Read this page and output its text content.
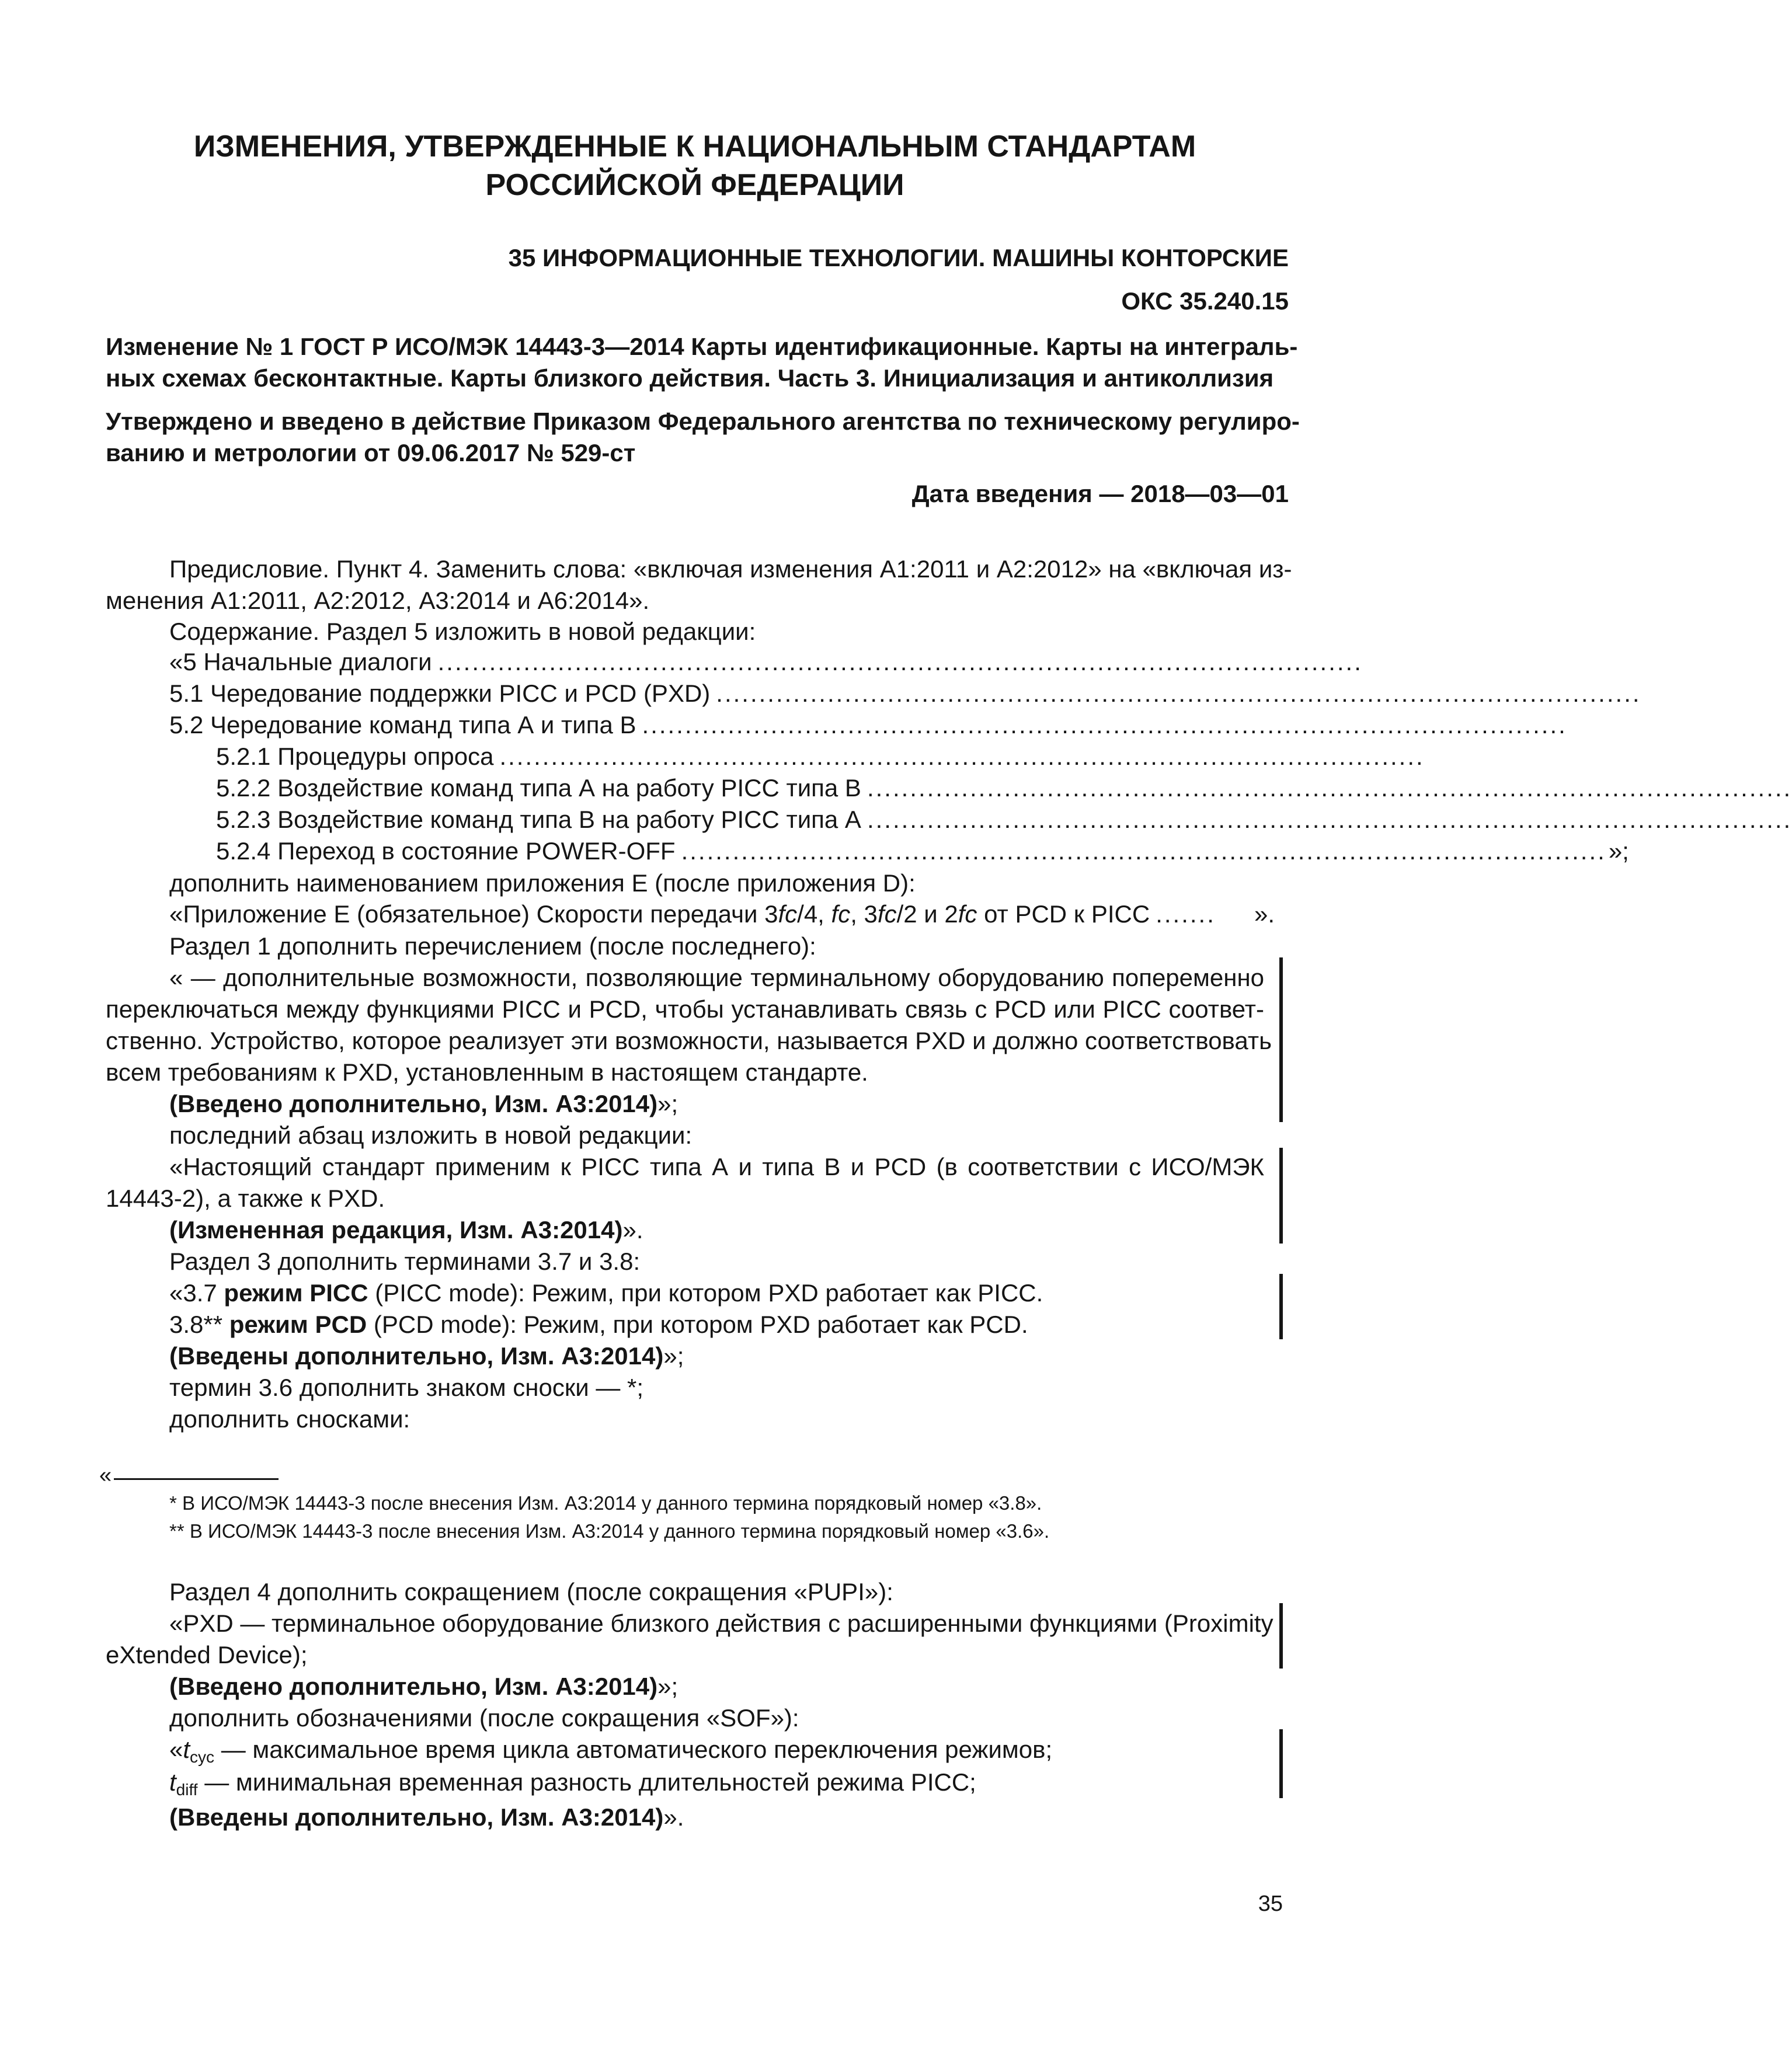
ИЗМЕНЕНИЯ, УТВЕРЖДЕННЫЕ К НАЦИОНАЛЬНЫМ СТАНДАРТАМ
РОССИЙСКОЙ ФЕДЕРАЦИИ
35 ИНФОРМАЦИОННЫЕ ТЕХНОЛОГИИ. МАШИНЫ КОНТОРСКИЕ
ОКС 35.240.15
Изменение № 1 ГОСТ Р ИСО/МЭК 14443-3—2014 Карты идентификационные. Карты на интеграль-
ных схемах бесконтактные. Карты близкого действия. Часть 3. Инициализация и антиколлизия
Утверждено и введено в действие Приказом Федерального агентства по техническому регулиро-
ванию и метрологии от 09.06.2017 № 529-ст
Дата введения — 2018—03—01
Предисловие. Пункт 4. Заменить слова: «включая изменения А1:2011 и А2:2012» на «включая из-
менения А1:2011, А2:2012, А3:2014 и А6:2014».
Содержание. Раздел 5 изложить в новой редакции:
«5 Начальные диалоги ............................................................................................................
5.1 Чередование поддержки PICC и PCD (PXD) ............................................................................................................
5.2 Чередование команд типа А и типа В ............................................................................................................
5.2.1 Процедуры опроса ............................................................................................................
5.2.2 Воздействие команд типа А на работу PICC типа В ............................................................................................................
5.2.3 Воздействие команд типа В на работу PICC типа А ............................................................................................................
5.2.4 Переход в состояние POWER-OFF ............................................................................................................ »;
дополнить наименованием приложения Е (после приложения D):
«Приложение Е (обязательное) Скорости передачи 3fc/4, fc, 3fc/2 и 2fc от PCD к PICC .......	».
Раздел 1 дополнить перечислением (после последнего):
« — дополнительные возможности, позволяющие терминальному оборудованию попеременно
переключаться между функциями PICC и PCD, чтобы устанавливать связь с PCD или PICC соответ-
ственно. Устройство, которое реализует эти возможности, называется PXD и должно соответствовать
всем требованиям к PXD, установленным в настоящем стандарте.
(Введено дополнительно, Изм. А3:2014)»;
последний абзац изложить в новой редакции:
«Настоящий стандарт применим к PICC типа А и типа В и PCD (в соответствии с ИСО/МЭК
14443-2), а также к PXD.
(Измененная редакция, Изм. А3:2014)».
Раздел 3 дополнить терминами 3.7 и 3.8:
«3.7 режим PICC (PICC mode): Режим, при котором PXD работает как PICC.
3.8** режим PCD (PCD mode): Режим, при котором PXD работает как PCD.
(Введены дополнительно, Изм. А3:2014)»;
термин 3.6 дополнить знаком сноски — *;
дополнить сносками:
«
* В ИСО/МЭК 14443-3 после внесения Изм. А3:2014 у данного термина порядковый номер «3.8».
** В ИСО/МЭК 14443-3 после внесения Изм. А3:2014 у данного термина порядковый номер «3.6».
Раздел 4 дополнить сокращением (после сокращения «PUPI»):
«PXD — терминальное оборудование близкого действия с расширенными функциями (Proximity
eXtended Device);
(Введено дополнительно, Изм. А3:2014)»;
дополнить обозначениями (после сокращения «SOF»):
«$t_{cyc}$ — максимальное время цикла автоматического переключения режимов;
$t_{diff}$ — минимальная временная разность длительностей режима PICC;
(Введены дополнительно, Изм. А3:2014)».
35
